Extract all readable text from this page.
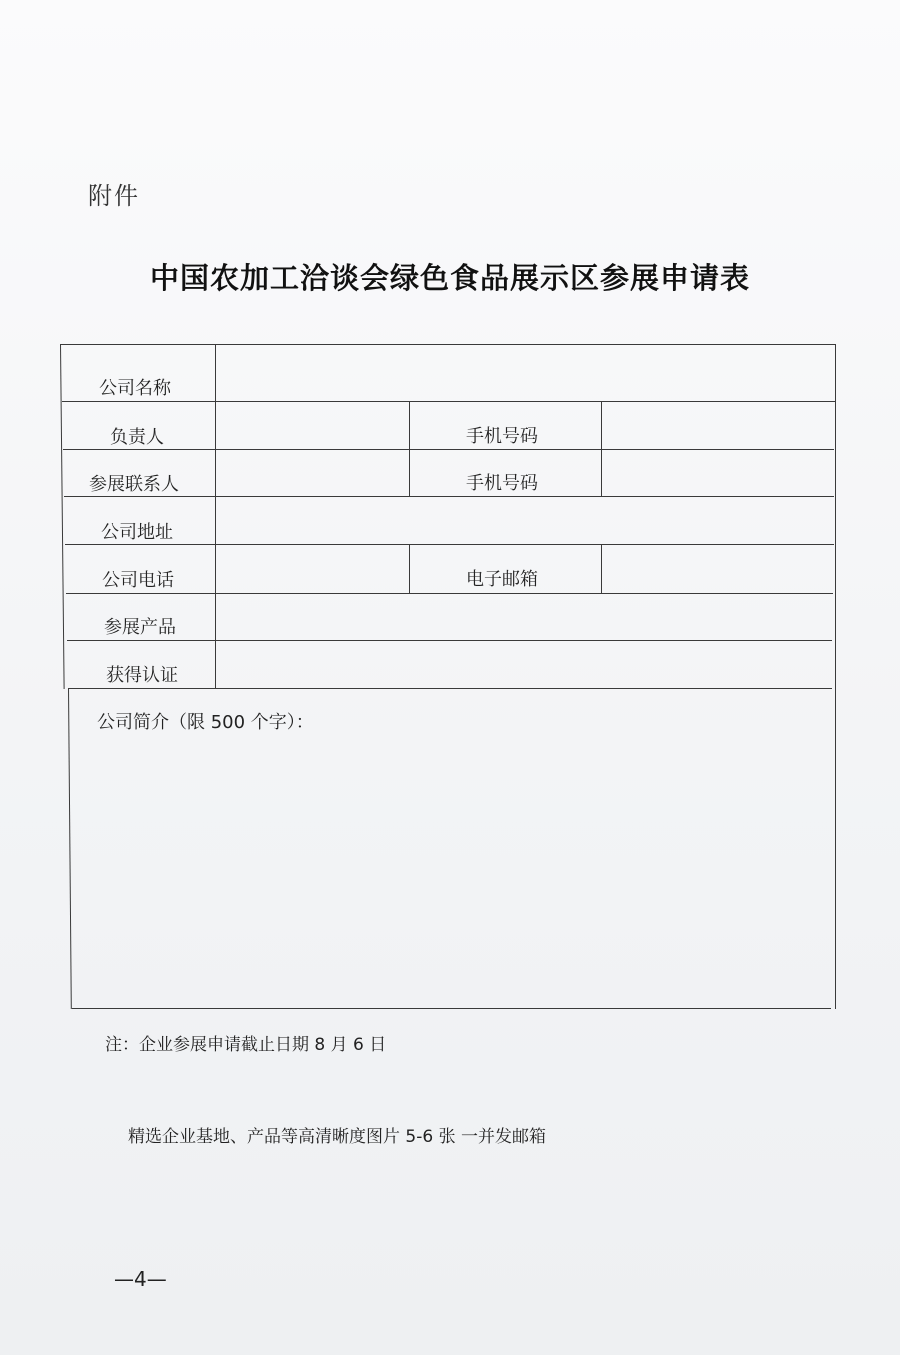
附件
中国农加工洽谈会绿色食品展示区参展申请表
公司名称
负责人	手机号码
参展联系人	手机号码
公司地址
公司电话	电子邮箱
参展产品
获得认证
公司简介（限 500 个字）：
注：企业参展申请截止日期 8 月 6 日
精选企业基地、产品等高清晰度图片 5-6 张 一并发邮箱
—4—
